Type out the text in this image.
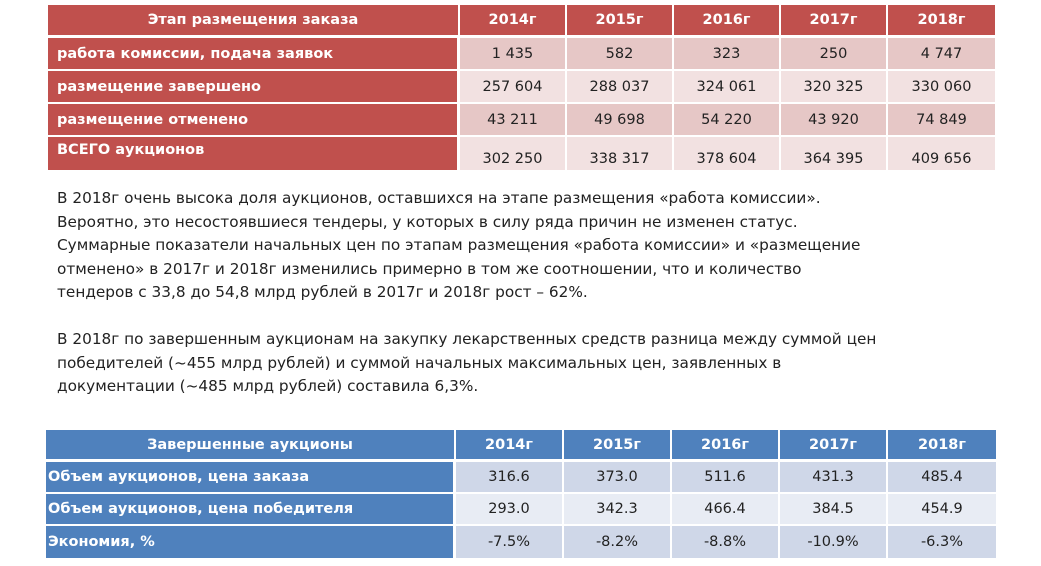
Этап размещения заказа	2014г	2015г	2016г	2017г	2018г
работа комиссии, подача заявок	1 435	582	323	250	4 747
размещение завершено	257 604	288 037	324 061	320 325	330 060
размещение отменено	43 211	49 698	54 220	43 920	74 849
ВСЕГО аукционов	302 250	338 317	378 604	364 395	409 656
В 2018г очень высока доля аукционов, оставшихся на этапе размещения «работа комиссии».
Вероятно, это несостоявшиеся тендеры, у которых в силу ряда причин не изменен статус.
Суммарные показатели начальных цен по этапам размещения «работа комиссии» и «размещение
отменено» в 2017г и 2018г изменились примерно в том же соотношении, что и количество
тендеров с 33,8 до 54,8 млрд рублей в 2017г и 2018г рост – 62%.
В 2018г по завершенным аукционам на закупку лекарственных средств разница между суммой цен
победителей (~455 млрд рублей) и суммой начальных максимальных цен, заявленных в
документации (~485 млрд рублей) составила 6,3%.
Завершенные аукционы	2014г	2015г	2016г	2017г	2018г
Объем аукционов, цена заказа	316.6	373.0	511.6	431.3	485.4
Объем аукционов, цена победителя	293.0	342.3	466.4	384.5	454.9
Экономия, %	-7.5%	-8.2%	-8.8%	-10.9%	-6.3%
